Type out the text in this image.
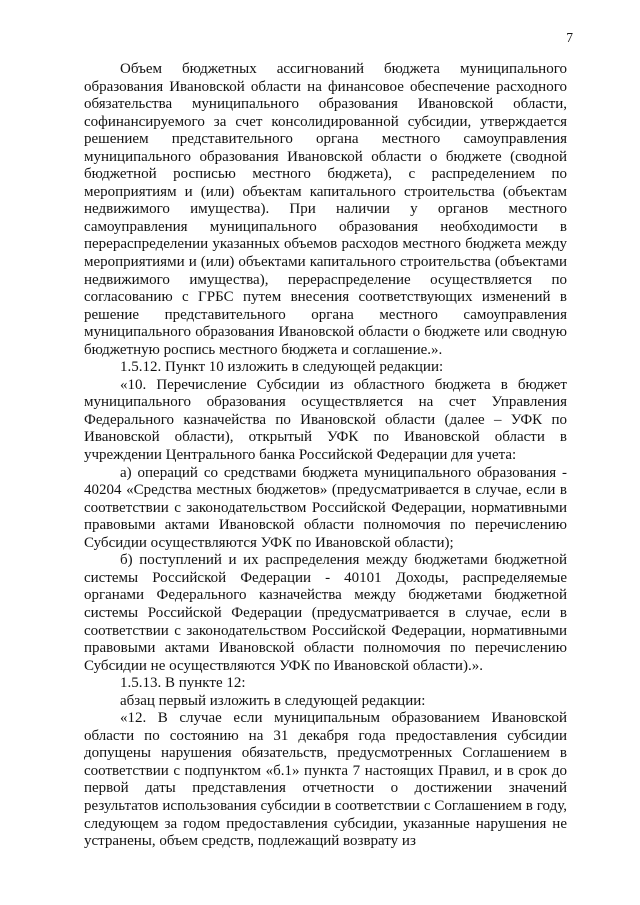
7

Объем бюджетных ассигнований бюджета муниципального образования Ивановской области на финансовое обеспечение расходного обязательства муниципального образования Ивановской области, софинансируемого за счет консолидированной субсидии, утверждается решением представительного органа местного самоуправления муниципального образования Ивановской области о бюджете (сводной бюджетной росписью местного бюджета), с распределением по мероприятиям и (или) объектам капитального строительства (объектам недвижимого имущества). При наличии у органов местного самоуправления муниципального образования необходимости в перераспределении указанных объемов расходов местного бюджета между мероприятиями и (или) объектами капитального строительства (объектами недвижимого имущества), перераспределение осуществляется по согласованию с ГРБС путем внесения соответствующих изменений в решение представительного органа местного самоуправления муниципального образования Ивановской области о бюджете или сводную бюджетную роспись местного бюджета и соглашение.».

1.5.12. Пункт 10 изложить в следующей редакции:

«10. Перечисление Субсидии из областного бюджета в бюджет муниципального образования осуществляется на счет Управления Федерального казначейства по Ивановской области (далее – УФК по Ивановской области), открытый УФК по Ивановской области в учреждении Центрального банка Российской Федерации для учета:

а) операций со средствами бюджета муниципального образования - 40204 «Средства местных бюджетов» (предусматривается в случае, если в соответствии с законодательством Российской Федерации, нормативными правовыми актами Ивановской области полномочия по перечислению Субсидии осуществляются УФК по Ивановской области);

б) поступлений и их распределения между бюджетами бюджетной системы Российской Федерации - 40101 Доходы, распределяемые органами Федерального казначейства между бюджетами бюджетной системы Российской Федерации (предусматривается в случае, если в соответствии с законодательством Российской Федерации, нормативными правовыми актами Ивановской области полномочия по перечислению Субсидии не осуществляются УФК по Ивановской области).».

1.5.13. В пункте 12:

абзац первый изложить в следующей редакции:

«12. В случае если муниципальным образованием Ивановской области по состоянию на 31 декабря года предоставления субсидии допущены нарушения обязательств, предусмотренных Соглашением в соответствии с подпунктом «б.1» пункта 7 настоящих Правил, и в срок до первой даты представления отчетности о достижении значений результатов использования субсидии в соответствии с Соглашением в году, следующем за годом предоставления субсидии, указанные нарушения не устранены, объем средств, подлежащий возврату из
